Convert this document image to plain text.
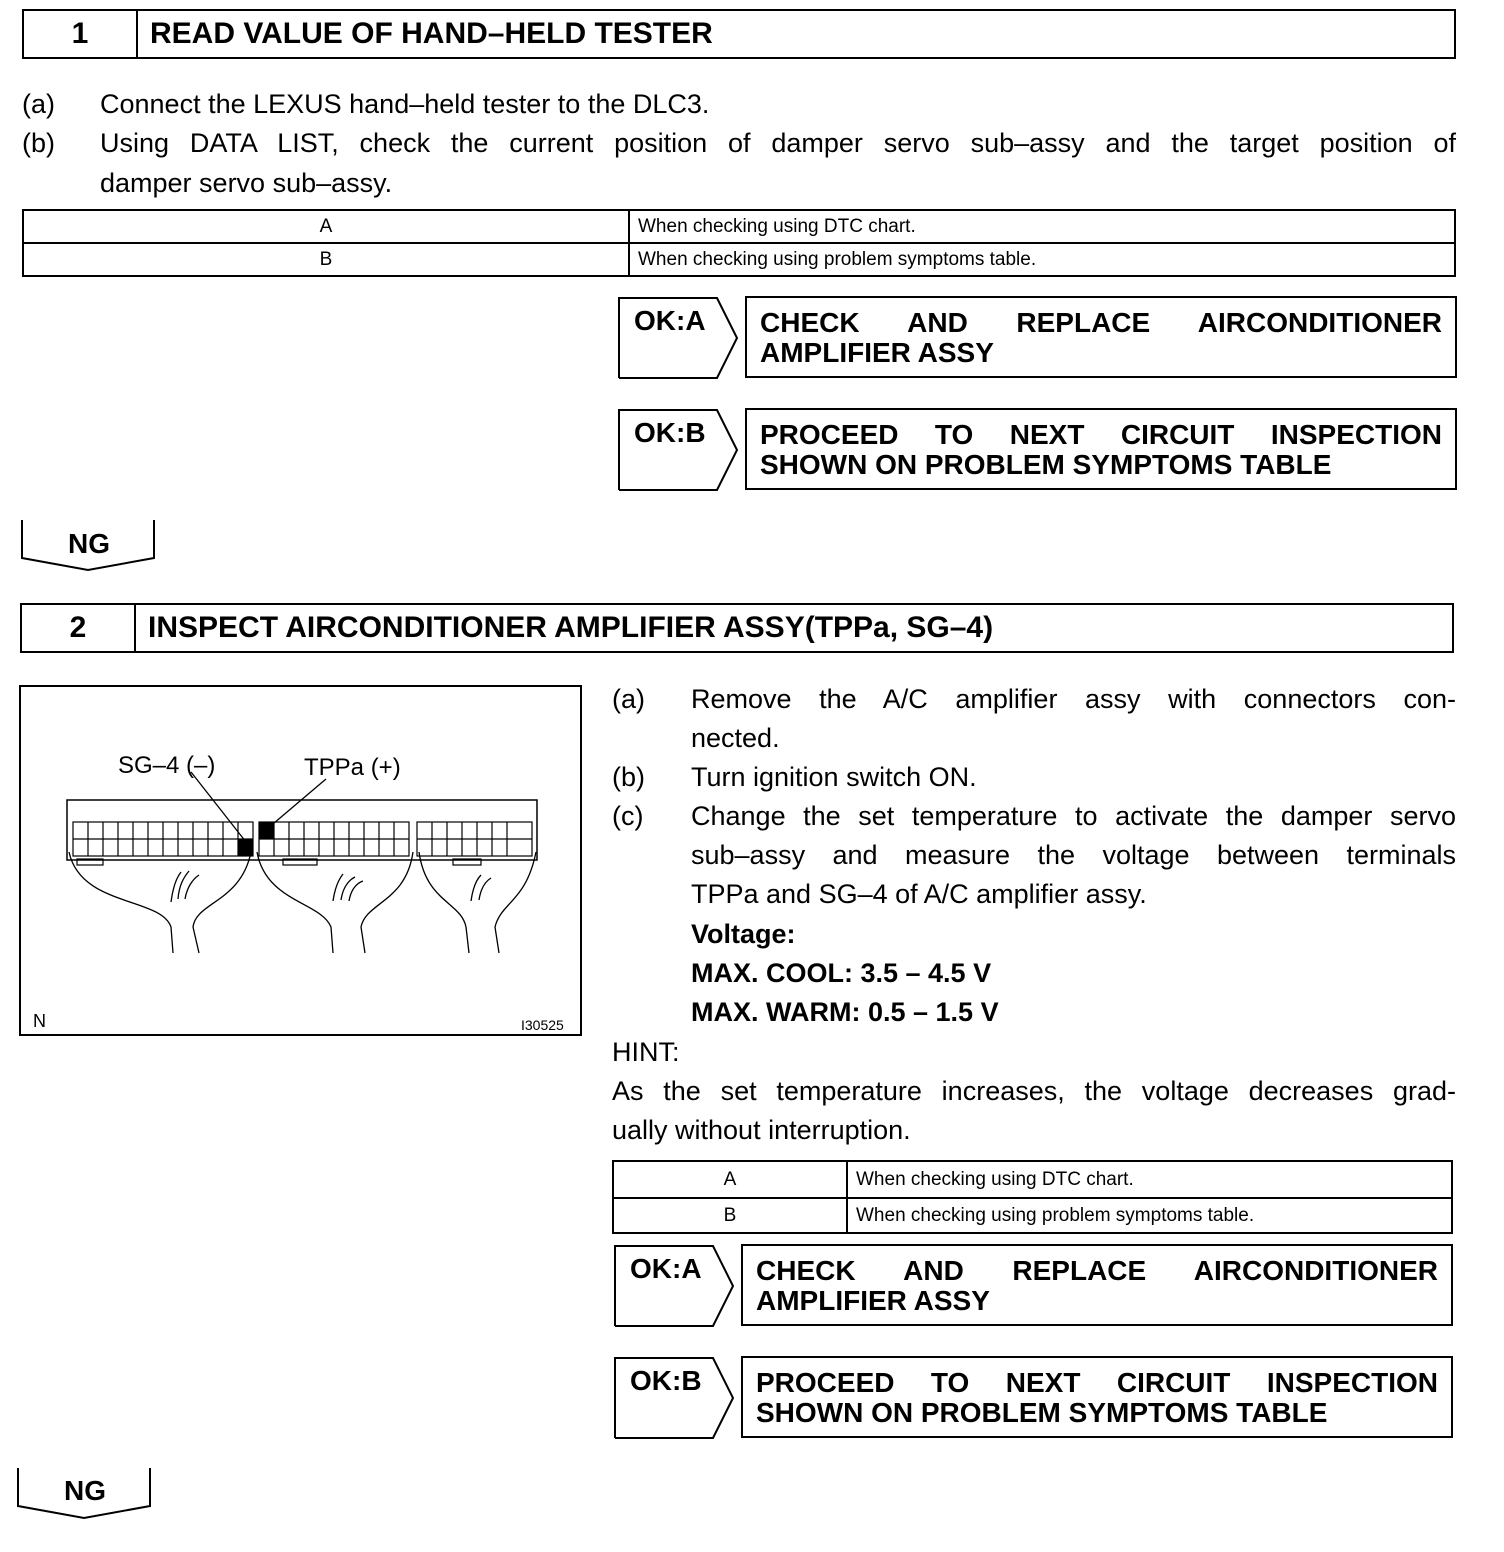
1	READ VALUE OF HAND–HELD TESTER
(a) Connect the LEXUS hand–held tester to the DLC3.
(b) Using DATA LIST, check the current position of damper servo sub–assy and the target position of
damper servo sub–assy.
A	When checking using DTC chart.
B	When checking using problem symptoms table.
OK:A CHECK AND REPLACE AIRCONDITIONER
AMPLIFIER ASSY
OK:B PROCEED TO NEXT CIRCUIT INSPECTION
SHOWN ON PROBLEM SYMPTOMS TABLE
NG
2	INSPECT AIRCONDITIONER AMPLIFIER ASSY(TPPa, SG–4)
SG–4 (–)	TPPa (+)
N	I30525
(a) Remove the A/C amplifier assy with connectors con-
nected.
(b) Turn ignition switch ON.
(c) Change the set temperature to activate the damper servo
sub–assy and measure the voltage between terminals
TPPa and SG–4 of A/C amplifier assy.
Voltage:
MAX. COOL: 3.5 – 4.5 V
MAX. WARM: 0.5 – 1.5 V
HINT:
As the set temperature increases, the voltage decreases grad-
ually without interruption.
A	When checking using DTC chart.
B	When checking using problem symptoms table.
OK:A CHECK AND REPLACE AIRCONDITIONER
AMPLIFIER ASSY
OK:B PROCEED TO NEXT CIRCUIT INSPECTION
SHOWN ON PROBLEM SYMPTOMS TABLE
NG
